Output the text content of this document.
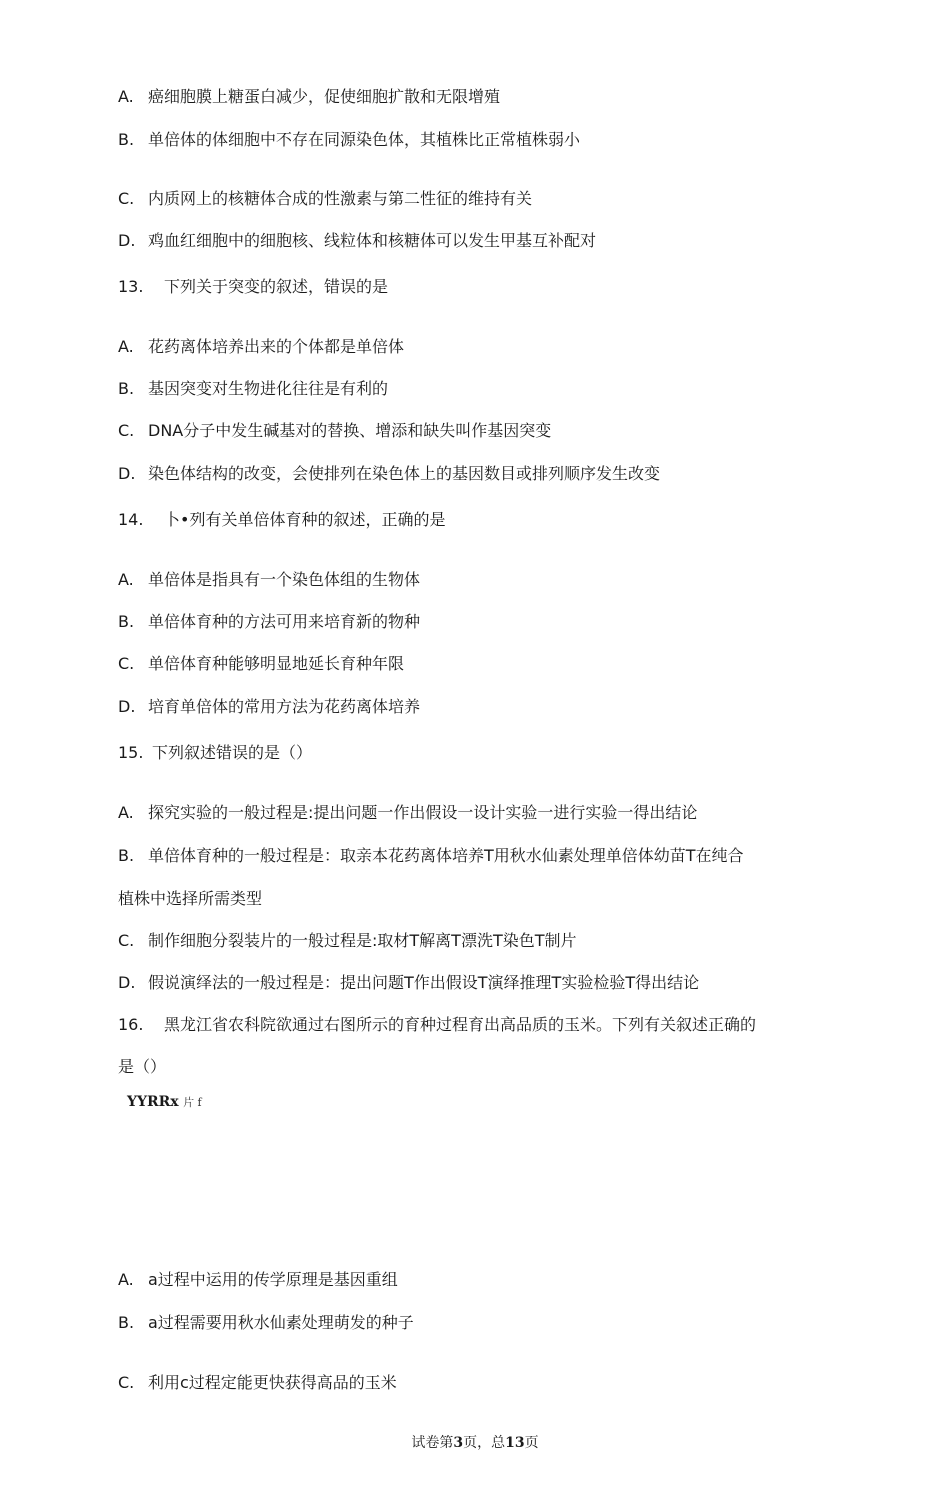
A. 癌细胞膜上糖蛋白减少，促使细胞扩散和无限增殖
B. 单倍体的体细胞中不存在同源染色体，其植株比正常植株弱小
C. 内质网上的核糖体合成的性激素与第二性征的维持有关
D. 鸡血红细胞中的细胞核、线粒体和核糖体可以发生甲基互补配对
13. 下列关于突变的叙述，错误的是
A. 花药离体培养出来的个体都是单倍体
B. 基因突变对生物进化往往是有利的
C. DNA分子中发生碱基对的替换、增添和缺失叫作基因突变
D. 染色体结构的改变，会使排列在染色体上的基因数目或排列顺序发生改变
14. 卜•列有关单倍体育种的叙述，正确的是
A. 单倍体是指具有一个染色体组的生物体
B. 单倍体育种的方法可用来培育新的物种
C. 单倍体育种能够明显地延长育种年限
D. 培育单倍体的常用方法为花药离体培养
15. 下列叙述错误的是（）
A. 探究实验的一般过程是:提出问题一作出假设一设计实验一进行实验一得出结论
B. 单倍体育种的一般过程是：取亲本花药离体培养T用秋水仙素处理单倍体幼苗T在纯合
植株中选择所需类型
C. 制作细胞分裂装片的一般过程是:取材T解离T漂洗T染色T制片
D. 假说演绎法的一般过程是：提出问题T作出假设T演绎推理T实验检验T得出结论
16. 黑龙江省农科院欲通过右图所示的育种过程育出高品质的玉米。下列有关叙述正确的
是（）
YYRRx 片 f
A. a过程中运用的传学原理是基因重组
B. a过程需要用秋水仙素处理萌发的种子
C. 利用c过程定能更快获得高品的玉米
试卷第3页，总13页
